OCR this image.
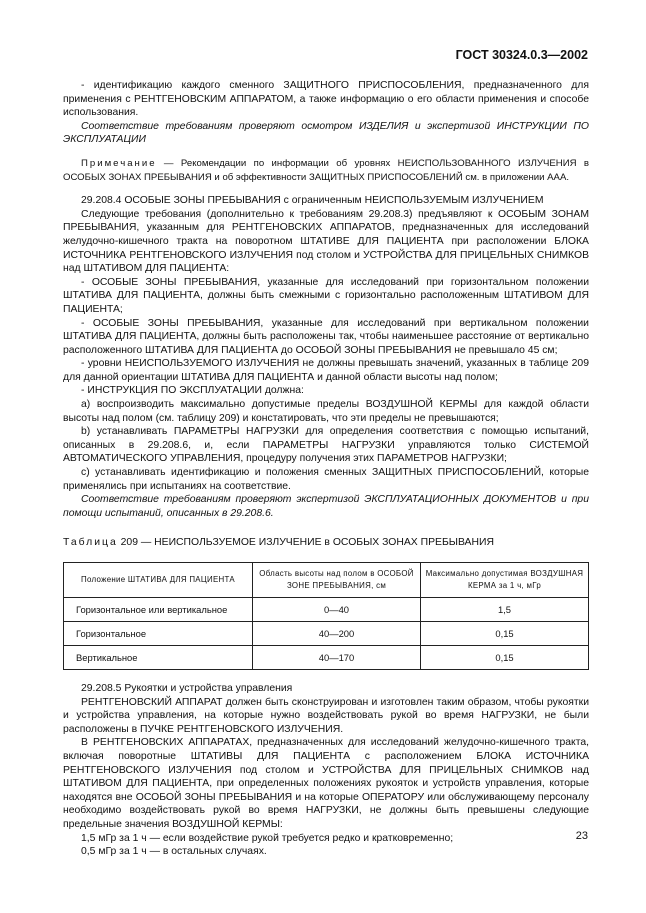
ГОСТ 30324.0.3—2002

- идентификацию каждого сменного ЗАЩИТНОГО ПРИСПОСОБЛЕНИЯ, предназначенного для применения с РЕНТГЕНОВСКИМ АППАРАТОМ, а также информацию о его области применения и способе использования.

Соответствие требованиям проверяют осмотром ИЗДЕЛИЯ и экспертизой ИНСТРУКЦИИ ПО ЭКСПЛУАТАЦИИ

Примечание — Рекомендации по информации об уровнях НЕИСПОЛЬЗОВАННОГО ИЗЛУЧЕНИЯ в ОСОБЫХ ЗОНАХ ПРЕБЫВАНИЯ и об эффективности ЗАЩИТНЫХ ПРИСПОСОБЛЕНИЙ см. в приложении ААА.

29.208.4 ОСОБЫЕ ЗОНЫ ПРЕБЫВАНИЯ с ограниченным НЕИСПОЛЬЗУЕМЫМ ИЗЛУЧЕНИЕМ

Следующие требования (дополнительно к требованиям 29.208.3) предъявляют к ОСОБЫМ ЗОНАМ ПРЕБЫВАНИЯ, указанным для РЕНТГЕНОВСКИХ АППАРАТОВ, предназначенных для исследований желудочно-кишечного тракта на поворотном ШТАТИВЕ ДЛЯ ПАЦИЕНТА при расположении БЛОКА ИСТОЧНИКА РЕНТГЕНОВСКОГО ИЗЛУЧЕНИЯ под столом и УСТРОЙСТВА ДЛЯ ПРИЦЕЛЬНЫХ СНИМКОВ над ШТАТИВОМ ДЛЯ ПАЦИЕНТА:

- ОСОБЫЕ ЗОНЫ ПРЕБЫВАНИЯ, указанные для исследований при горизонтальном положении ШТАТИВА ДЛЯ ПАЦИЕНТА, должны быть смежными с горизонтально расположенным ШТАТИВОМ ДЛЯ ПАЦИЕНТА;

- ОСОБЫЕ ЗОНЫ ПРЕБЫВАНИЯ, указанные для исследований при вертикальном положении ШТАТИВА ДЛЯ ПАЦИЕНТА, должны быть расположены так, чтобы наименьшее расстояние от вертикально расположенного ШТАТИВА ДЛЯ ПАЦИЕНТА до ОСОБОЙ ЗОНЫ ПРЕБЫВАНИЯ не превышало 45 см;

- уровни НЕИСПОЛЬЗУЕМОГО ИЗЛУЧЕНИЯ не должны превышать значений, указанных в таблице 209 для данной ориентации ШТАТИВА ДЛЯ ПАЦИЕНТА и данной области высоты над полом;

- ИНСТРУКЦИЯ ПО ЭКСПЛУАТАЦИИ должна:

a) воспроизводить максимально допустимые пределы ВОЗДУШНОЙ КЕРМЫ для каждой области высоты над полом (см. таблицу 209) и констатировать, что эти пределы не превышаются;

b) устанавливать ПАРАМЕТРЫ НАГРУЗКИ для определения соответствия с помощью испытаний, описанных в 29.208.6, и, если ПАРАМЕТРЫ НАГРУЗКИ управляются только СИСТЕМОЙ АВТОМАТИЧЕСКОГО УПРАВЛЕНИЯ, процедуру получения этих ПАРАМЕТРОВ НАГРУЗКИ;

c) устанавливать идентификацию и положения сменных ЗАЩИТНЫХ ПРИСПОСОБЛЕНИЙ, которые применялись при испытаниях на соответствие.

Соответствие требованиям проверяют экспертизой ЭКСПЛУАТАЦИОННЫХ ДОКУМЕНТОВ и при помощи испытаний, описанных в 29.208.6.

Таблица 209 — НЕИСПОЛЬЗУЕМОЕ ИЗЛУЧЕНИЕ в ОСОБЫХ ЗОНАХ ПРЕБЫВАНИЯ

Положение ШТАТИВА ДЛЯ ПАЦИЕНТА	Область высоты над полом в ОСОБОЙ ЗОНЕ ПРЕБЫВАНИЯ, см	Максимально допустимая ВОЗДУШНАЯ КЕРМА за 1 ч, мГр
Горизонтальное или вертикальное	0—40	1,5
Горизонтальное	40—200	0,15
Вертикальное	40—170	0,15

29.208.5 Рукоятки и устройства управления

РЕНТГЕНОВСКИЙ АППАРАТ должен быть сконструирован и изготовлен таким образом, чтобы рукоятки и устройства управления, на которые нужно воздействовать рукой во время НАГРУЗКИ, не были расположены в ПУЧКЕ РЕНТГЕНОВСКОГО ИЗЛУЧЕНИЯ.

В РЕНТГЕНОВСКИХ АППАРАТАХ, предназначенных для исследований желудочно-кишечного тракта, включая поворотные ШТАТИВЫ ДЛЯ ПАЦИЕНТА с расположением БЛОКА ИСТОЧНИКА РЕНТГЕНОВСКОГО ИЗЛУЧЕНИЯ под столом и УСТРОЙСТВА ДЛЯ ПРИЦЕЛЬНЫХ СНИМКОВ над ШТАТИВОМ ДЛЯ ПАЦИЕНТА, при определенных положениях рукояток и устройств управления, которые находятся вне ОСОБОЙ ЗОНЫ ПРЕБЫВАНИЯ и на которые ОПЕРАТОРУ или обслуживающему персоналу необходимо воздействовать рукой во время НАГРУЗКИ, не должны быть превышены следующие предельные значения ВОЗДУШНОЙ КЕРМЫ:

1,5 мГр за 1 ч — если воздействие рукой требуется редко и кратковременно;

0,5 мГр за 1 ч — в остальных случаях.

23
